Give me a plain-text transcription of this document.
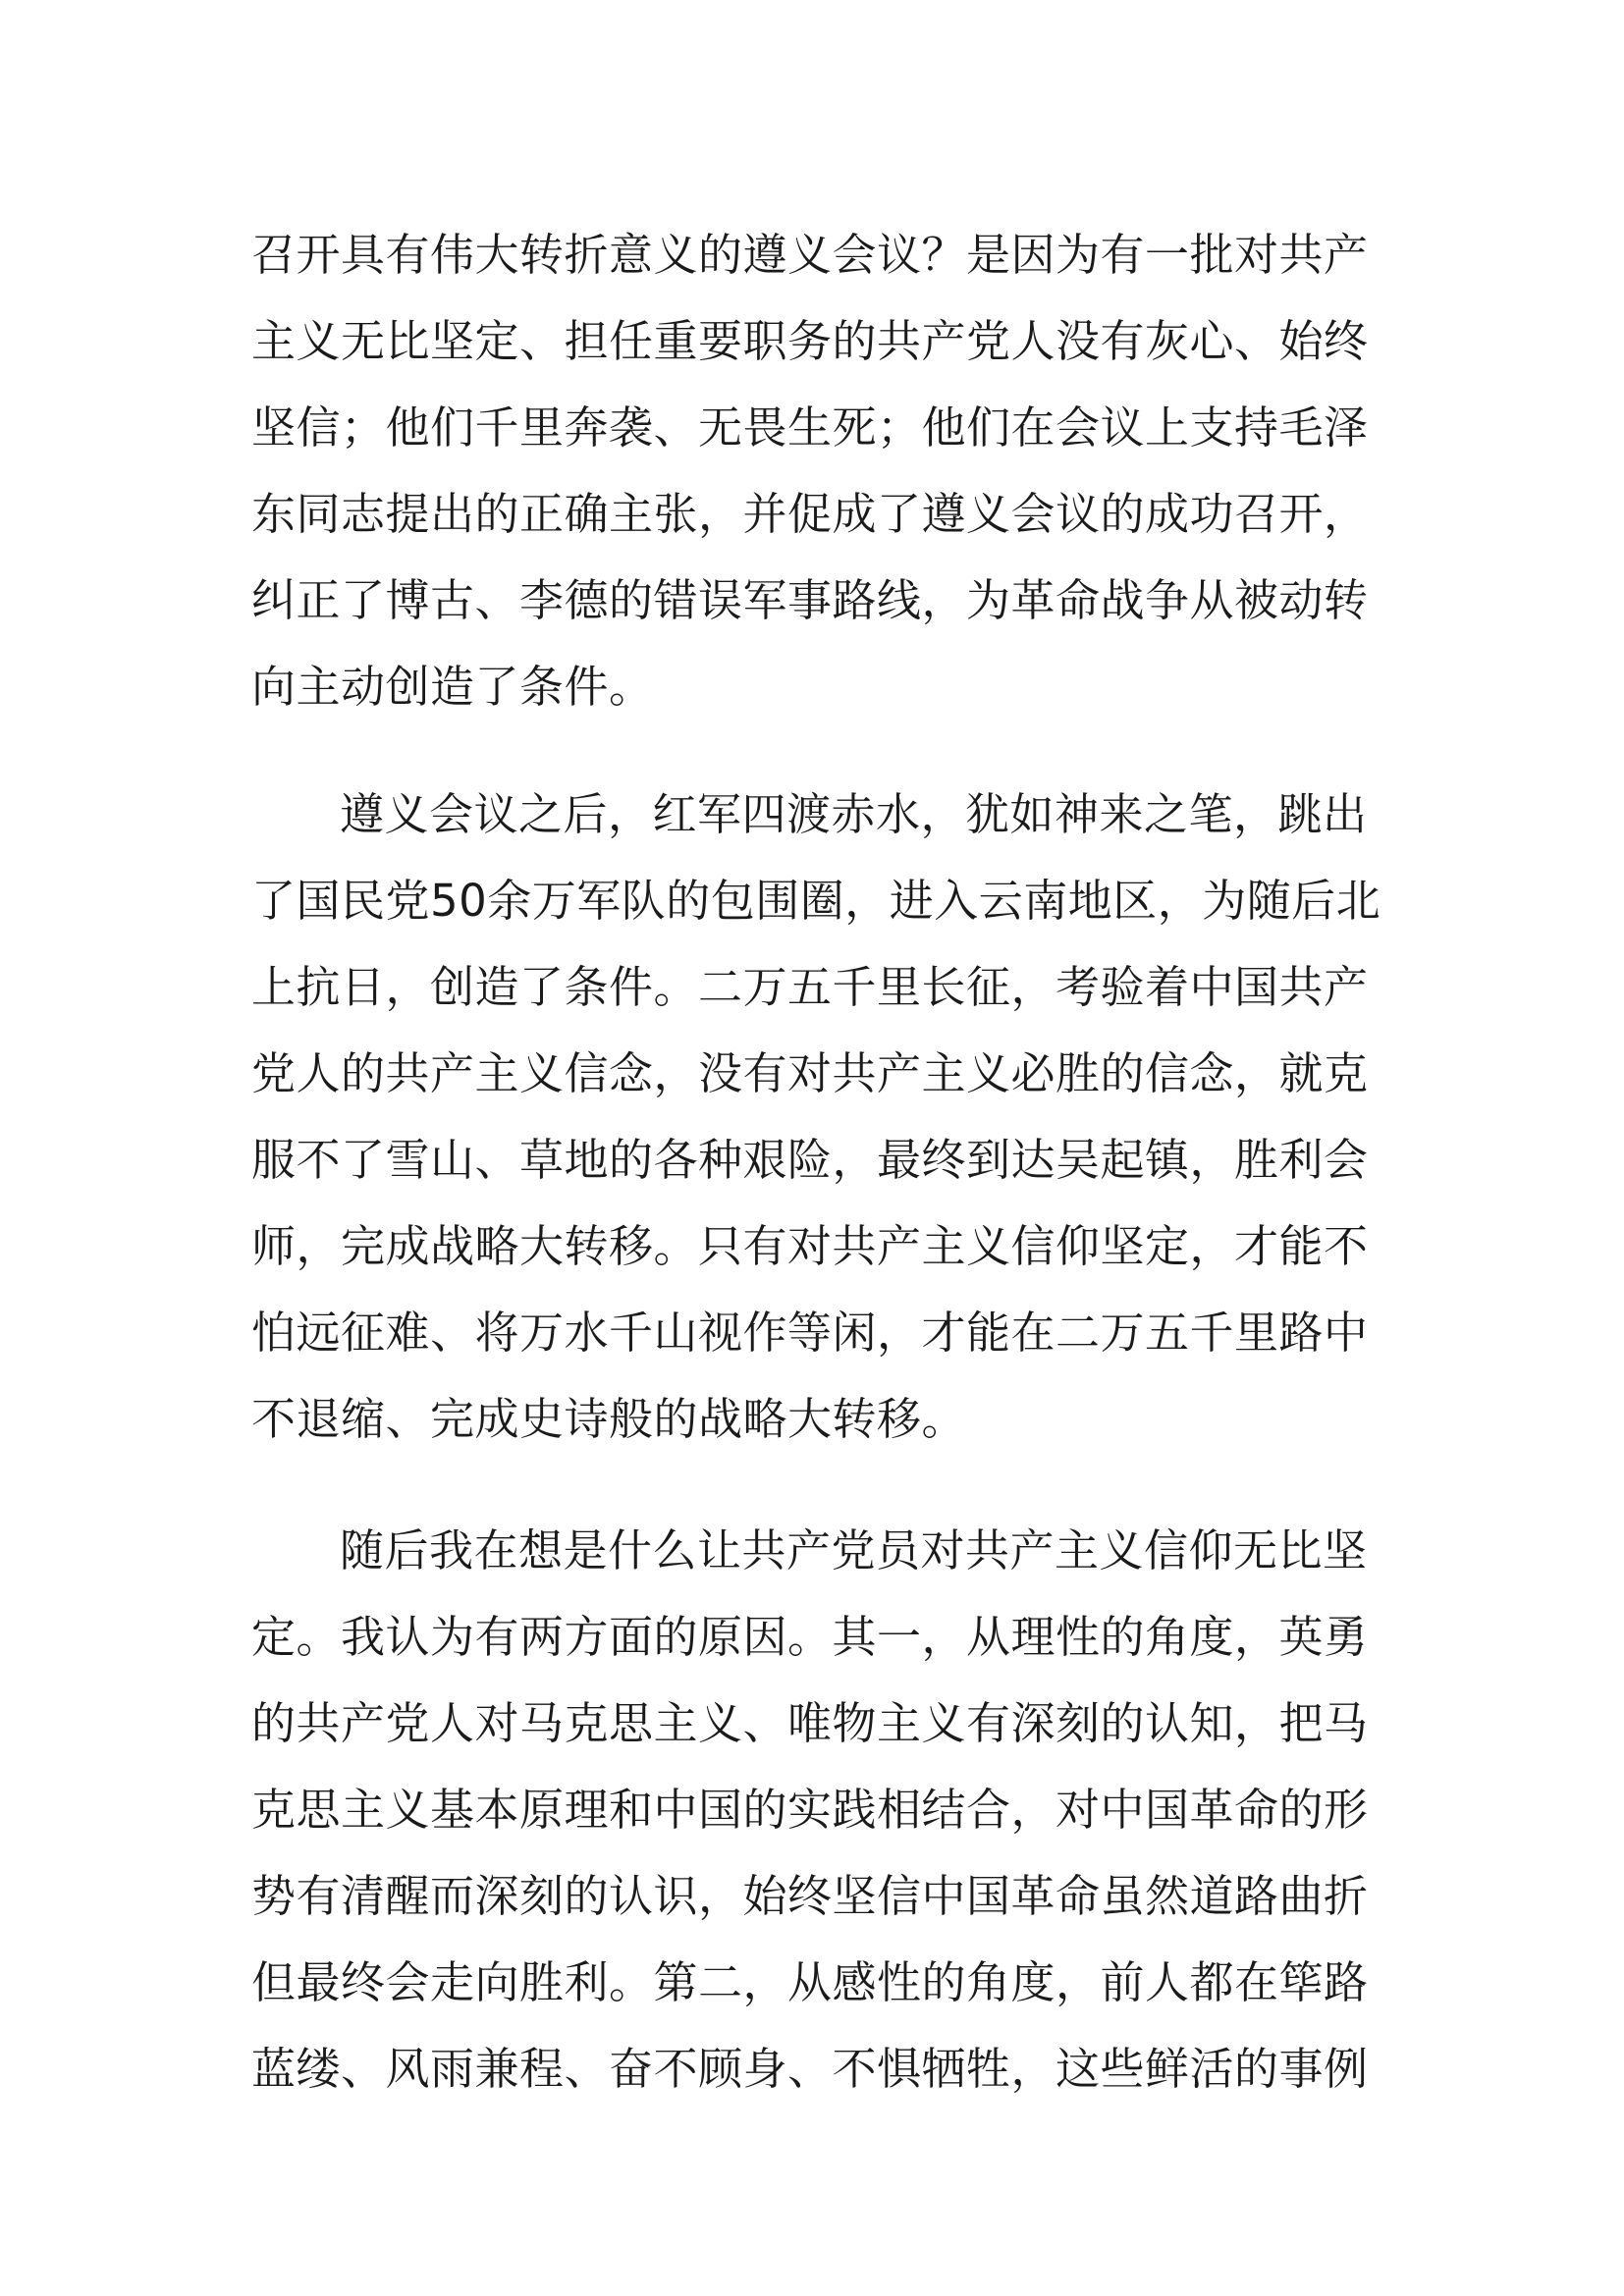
召开具有伟大转折意义的遵义会议？是因为有一批对共产
主义无比坚定、担任重要职务的共产党人没有灰心、始终
坚信；他们千里奔袭、无畏生死；他们在会议上支持毛泽
东同志提出的正确主张，并促成了遵义会议的成功召开，
纠正了博古、李德的错误军事路线，为革命战争从被动转
向主动创造了条件。
遵义会议之后，红军四渡赤水，犹如神来之笔，跳出
了国民党50余万军队的包围圈，进入云南地区，为随后北
上抗日，创造了条件。二万五千里长征，考验着中国共产
党人的共产主义信念，没有对共产主义必胜的信念，就克
服不了雪山、草地的各种艰险，最终到达吴起镇，胜利会
师，完成战略大转移。只有对共产主义信仰坚定，才能不
怕远征难、将万水千山视作等闲，才能在二万五千里路中
不退缩、完成史诗般的战略大转移。
随后我在想是什么让共产党员对共产主义信仰无比坚
定。我认为有两方面的原因。其一，从理性的角度，英勇
的共产党人对马克思主义、唯物主义有深刻的认知，把马
克思主义基本原理和中国的实践相结合，对中国革命的形
势有清醒而深刻的认识，始终坚信中国革命虽然道路曲折
但最终会走向胜利。第二，从感性的角度，前人都在筚路
蓝缕、风雨兼程、奋不顾身、不惧牺牲，这些鲜活的事例
